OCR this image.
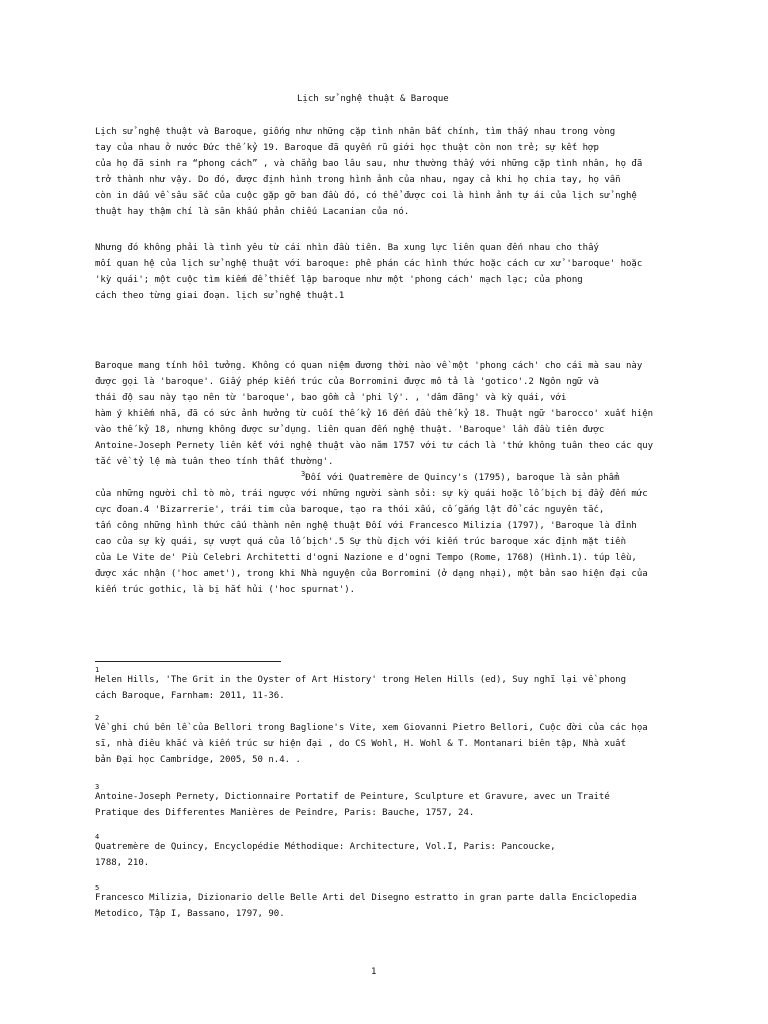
Lịch sử nghệ thuật & Baroque
Lịch sử nghệ thuật và Baroque, giống như những cặp tình nhân bất chính, tìm thấy nhau trong vòng
tay của nhau ở nước Đức thế kỷ 19. Baroque đã quyến rũ giới học thuật còn non trẻ; sự kết hợp
của họ đã sinh ra “phong cách” , và chẳng bao lâu sau, như thường thấy với những cặp tình nhân, họ đã
trở thành như vậy. Do đó, được định hình trong hình ảnh của nhau, ngay cả khi họ chia tay, họ vẫn
còn in dấu về sâu sắc của cuộc gặp gỡ ban đầu đó, có thể được coi là hình ảnh tự ái của lịch sử nghệ
thuật hay thậm chí là sân khấu phản chiếu Lacanian của nó.
Nhưng đó không phải là tình yêu từ cái nhìn đầu tiên. Ba xung lực liên quan đến nhau cho thấy
mối quan hệ của lịch sử nghệ thuật với baroque: phê phán các hình thức hoặc cách cư xử 'baroque' hoặc
'kỳ quái'; một cuộc tìm kiếm để thiết lập baroque như một 'phong cách' mạch lạc; của phong
cách theo từng giai đoạn. lịch sử nghệ thuật.1
Baroque mang tính hồi tưởng. Không có quan niệm đương thời nào về một 'phong cách' cho cái mà sau này
được gọi là 'baroque'. Giấy phép kiến trúc của Borromini được mô tả là 'gotico'.2 Ngôn ngữ và
thái độ sau này tạo nên từ 'baroque', bao gồm cả 'phi lý'. , 'dâm đãng' và kỳ quái, với
hàm ý khiếm nhã, đã có sức ảnh hưởng từ cuối thế kỷ 16 đến đầu thế kỷ 18. Thuật ngữ 'barocco' xuất hiện
vào thế kỷ 18, nhưng không được sử dụng. liên quan đến nghệ thuật. 'Baroque' lần đầu tiên được
Antoine-Joseph Pernety liên kết với nghệ thuật vào năm 1757 với tư cách là 'thứ không tuân theo các quy
tắc về tỷ lệ mà tuân theo tính thất thường'.
$^3$Đối với Quatremère de Quincy's (1795), baroque là sản phẩm
của những người chỉ tò mò, trái ngược với những người sành sỏi: sự kỳ quái hoặc lố bịch bị đẩy đến mức
cực đoan.4 'Bizarrerie', trái tim của baroque, tạo ra thói xấu, cố gắng lật đổ các nguyên tắc,
tấn công những hình thức cấu thành nên nghệ thuật Đối với Francesco Milizia (1797), 'Baroque là đỉnh
cao của sự kỳ quái, sự vượt quá của lố bịch'.5 Sự thù địch với kiến trúc baroque xác định mặt tiền
của Le Vite de' Più Celebri Architetti d'ogni Nazione e d'ogni Tempo (Rome, 1768) (Hình.1). túp lều,
được xác nhận ('hoc amet'), trong khi Nhà nguyện của Borromini (ở dạng nhại), một bản sao hiện đại của
kiến trúc gothic, là bị hắt hủi ('hoc spurnat').
1
Helen Hills, 'The Grit in the Oyster of Art History' trong Helen Hills (ed), Suy nghĩ lại về phong
cách Baroque, Farnham: 2011, 11-36.
2
Về ghi chú bên lề của Bellori trong Baglione's Vite, xem Giovanni Pietro Bellori, Cuộc đời của các họa
sĩ, nhà điêu khắc và kiến trúc sư hiện đại , do CS Wohl, H. Wohl & T. Montanari biên tập, Nhà xuất
bản Đại học Cambridge, 2005, 50 n.4. .
3
Antoine-Joseph Pernety, Dictionnaire Portatif de Peinture, Sculpture et Gravure, avec un Traité
Pratique des Differentes Manières de Peindre, Paris: Bauche, 1757, 24.
4
Quatremère de Quincy, Encyclopédie Méthodique: Architecture, Vol.I, Paris: Pancoucke,
1788, 210.
5
Francesco Milizia, Dizionario delle Belle Arti del Disegno estratto in gran parte dalla Enciclopedia
Metodico, Tập I, Bassano, 1797, 90.
1
